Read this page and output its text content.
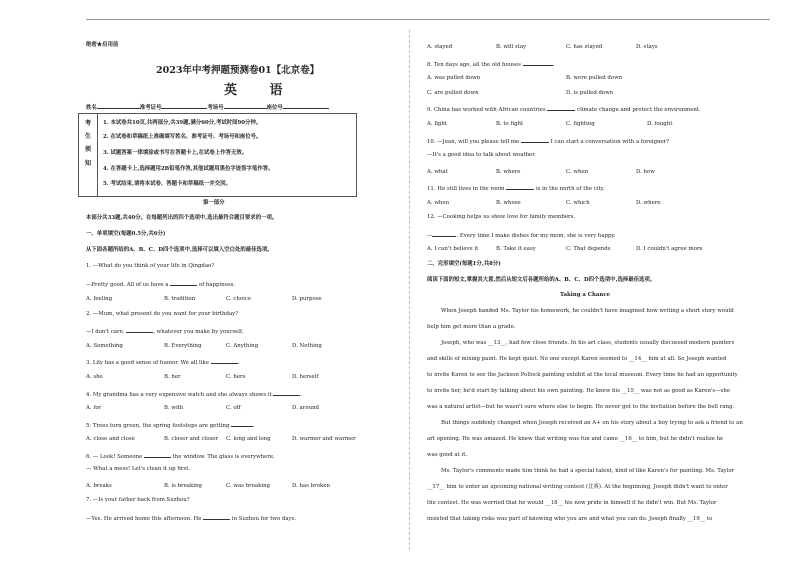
绝密★启用前
2023年中考押题预测卷01【北京卷】
英 语
姓名	准考证号	考场号	座位号
考
生
须
知
1. 本试卷共10页,共两部分,共39题,满分60分,考试时间90分钟。
2. 在试卷和草稿纸上准确填写姓名、准考证号、考场号和座位号。
3. 试题答案一律填涂或书写在答题卡上,在试卷上作答无效。
4. 在答题卡上,选择题用2B铅笔作答,其他试题用黑色字迹签字笔作答。
5. 考试结束,请将本试卷、答题卡和草稿纸一并交回。
第一部分
本部分共33题,共40分。在每题列出的四个选项中,选出最符合题目要求的一项。
一、单项填空(每题0.5分,共6分)
从下面各题所给的A、B、C、D四个选项中,选择可以填入空白处的最佳选项。
1. —What do you think of your life in Qingdao?
—Pretty good. All of us have a	of happiness.
A. feeling	B. tradition	C. choice	D. purpose
2. —Mum, what present do you want for your birthday?
—I don't care.	, whatever you make by yourself.
A. Something	B. Everything	C. Anything	D. Nothing
3. Lily has a good sense of humor. We all like	.
A. she	B. her	C. hers	D. herself
4. My grandma has a very expensive watch and she always shows it	.
A. for	B. with	C. off	D. around
5. Trees turn green, the spring footsteps are getting	.
A. close and close	B. closer and closer C. long and long	D. warmer and warmer
6. — Look! Someone	the window. The glass is everywhere.
— What a mess! Let's clean it up first.
A. breaks	B. is breaking	C. was breaking	D. has broken
7. —Is your father back from Suzhou?
—Yes. He arrived home this afternoon. He	in Suzhou for two days.
A. stayed	B. will stay	C. has stayed	D. stays
8. Ten days ago, all the old houses	.
A. was pulled down	B. were pulled down
C. are pulled down	D. is pulled down
9. China has worked with African countries	climate change and protect the environment.
A. fight	B. to fight	C. fighting	D. fought
10. —Jean, will you please tell me	I can start a conversation with a foreigner?
—It's a good idea to talk about weather.
A. what	B. where	C. when	D. how
11. He still lives in the room	is in the north of the city.
A. when	B. whose	C. which	D. where
12. —Cooking helps us show love for family members.
—	. Every time I make dishes for my mom, she is very happy.
A. I can't believe it	B. Take it easy	C. That depends	D. I couldn't agree more
二、完形填空(每题1分,共8分)
阅读下面的短文,掌握其大意,然后从短文后各题所给的A、B、C、D四个选项中,选择最佳选项。
Taking a Chance
When Joseph handed Ms. Taylor his homework, he couldn't have imagined how writing a short story would
help him get more than a grade.
Joseph, who was __13__, had few close friends. In his art class, students usually discussed modern painters
and skills of mixing paint. He kept quiet. No one except Karen seemed to __14__ him at all. So Joseph wanted
to invite Karen to see the Jackson Pollock painting exhibit at the local museum. Every time he had an opportunity
to invite her, he'd start by talking about his own painting. He knew his __15__ was not as good as Karen's—she
was a natural artist—but he wasn't sure where else to begin. He never got to the invitation before the bell rang.
But things suddenly changed when Joseph received an A+ on his story about a boy trying to ask a friend to an
art opening. He was amazed. He knew that writing was fun and came __16__ to him, but he didn't realize he
was good at it.
Ms. Taylor's comments made him think he had a special talent, kind of like Karen's for painting. Ms. Taylor
__17__ him to enter an upcoming national writing contest (比赛). At the beginning, Joseph didn't want to enter
the contest. He was worried that he would __18__ his new pride in himself if he didn't win. But Ms. Taylor
insisted that taking risks was part of knowing who you are and what you can do. Joseph finally __19__ to
